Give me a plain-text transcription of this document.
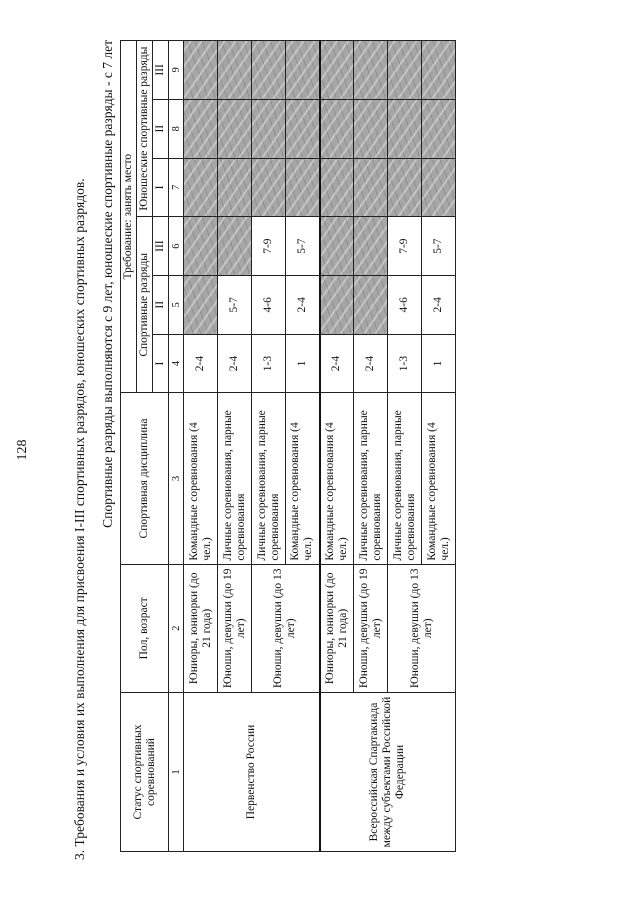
128	3. Требования и условия их выполнения для присвоения I-III спортивных разрядов, юношеских спортивных разрядов. Спортивные разряды выполняются с 9 лет, юношеские спортивные разряды - с 7 лет
Статус спортивных соревнований	Пол, возраст	Спортивная дисциплина	Требование: занять место					
			Спортивные разряды			Юношеские спортивные разряды		
			I	II	III	I	II	III
1	2	3	4	5	6	7	8	9
Первенство России	Юниоры, юниорки (до 21 года)	Командные соревнования (4 чел.)	2-4					
	Юноши, девушки (до 19 лет)	Личные соревнования, парные соревнования	2-4	5-7				
	Юноши, девушки (до 13 лет)	Личные соревнования, парные соревнования	1-3	4-6	7-9			
		Командные соревнования (4 чел.)	1	2-4	5-7			
Всероссийская Спартакиада между субъектами Российской Федерации	Юниоры, юниорки (до 21 года)	Командные соревнования (4 чел.)	2-4					
	Юноши, девушки (до 19 лет)	Личные соревнования, парные соревнования	2-4					
	Юноши, девушки (до 13 лет)	Личные соревнования, парные соревнования	1-3	4-6	7-9			
		Командные соревнования (4 чел.)	1	2-4	5-7			
